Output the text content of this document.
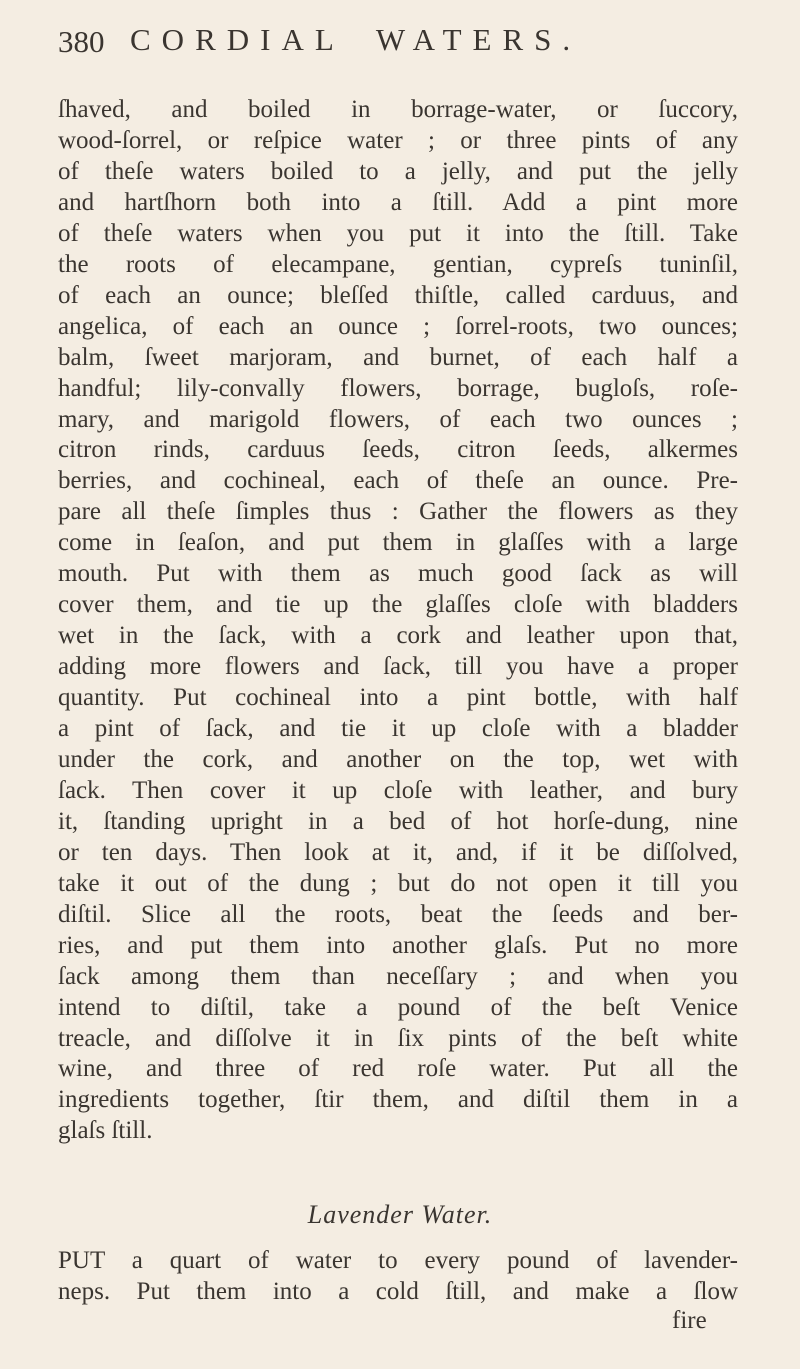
380 CORDIAL WATERS.
ſhaved, and boiled in borrage-water, or ſuccory,
wood-ſorrel, or reſpice water ; or three pints of any
of theſe waters boiled to a jelly, and put the jelly
and hartſhorn both into a ſtill. Add a pint more
of theſe waters when you put it into the ſtill. Take
the roots of elecampane, gentian, cypreſs tuninſil,
of each an ounce; bleſſed thiſtle, called carduus, and
angelica, of each an ounce ; ſorrel-roots, two ounces;
balm, ſweet marjoram, and burnet, of each half a
handful; lily-convally flowers, borrage, bugloſs, roſe-
mary, and marigold flowers, of each two ounces ;
citron rinds, carduus ſeeds, citron ſeeds, alkermes
berries, and cochineal, each of theſe an ounce. Pre-
pare all theſe ſimples thus : Gather the flowers as they
come in ſeaſon, and put them in glaſſes with a large
mouth. Put with them as much good ſack as will
cover them, and tie up the glaſſes cloſe with bladders
wet in the ſack, with a cork and leather upon that,
adding more flowers and ſack, till you have a proper
quantity. Put cochineal into a pint bottle, with half
a pint of ſack, and tie it up cloſe with a bladder
under the cork, and another on the top, wet with
ſack. Then cover it up cloſe with leather, and bury
it, ſtanding upright in a bed of hot horſe-dung, nine
or ten days. Then look at it, and, if it be diſſolved,
take it out of the dung ; but do not open it till you
diſtil. Slice all the roots, beat the ſeeds and ber-
ries, and put them into another glaſs. Put no more
ſack among them than neceſſary ; and when you
intend to diſtil, take a pound of the beſt Venice
treacle, and diſſolve it in ſix pints of the beſt white
wine, and three of red roſe water. Put all the
ingredients together, ſtir them, and diſtil them in a
glaſs ſtill.
Lavender Water.
PUT a quart of water to every pound of lavender-
neps. Put them into a cold ſtill, and make a ſlow
fire
